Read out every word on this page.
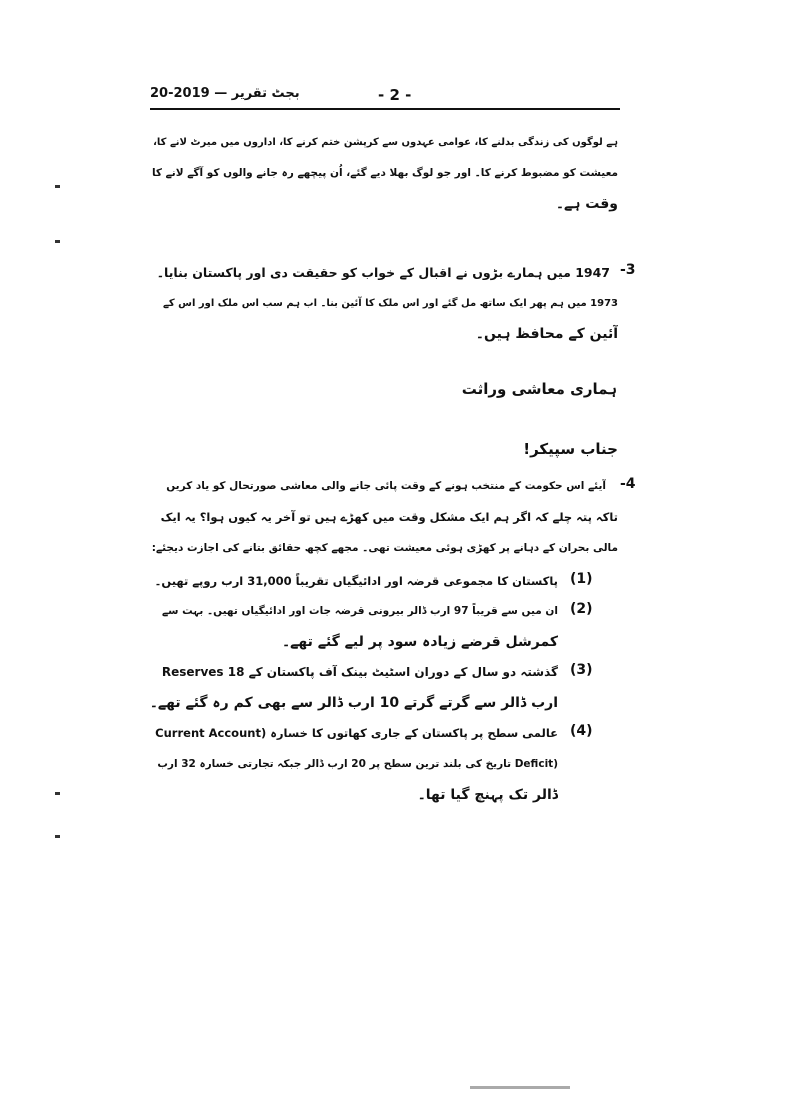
بجٹ تقریر — 2019-20	- 2 -
ہے لوگوں کی زندگی بدلنے کا، عوامی عہدوں سے کرپشن ختم کرنے کا، اداروں میں میرٹ لانے کا،
معیشت کو مضبوط کرنے کا۔ اور جو لوگ بھلا دیے گئے، اُن پیچھے رہ جانے والوں کو آگے لانے کا
وقت ہے۔
-3
1947 میں ہمارے بڑوں نے اقبال کے خواب کو حقیقت دی اور پاکستان بنایا۔
1973 میں ہم پھر ایک ساتھ مل گئے اور اس ملک کا آئین بنا۔ اب ہم سب اس ملک اور اس کے
آئین کے محافظ ہیں۔
ہماری معاشی وراثت
جناب سپیکر!
-4
آیئے اس حکومت کے منتخب ہونے کے وقت پائی جانے والی معاشی صورتحال کو یاد کریں
تاکہ پتہ چلے کہ اگر ہم ایک مشکل وقت میں کھڑے ہیں تو آخر یہ کیوں ہوا؟ یہ ایک
مالی بحران کے دہانے پر کھڑی ہوئی معیشت تھی۔ مجھے کچھ حقائق بتانے کی اجازت دیجئے:
(1)
پاکستان کا مجموعی قرضہ اور ادائیگیاں تقریباً 31,000 ارب روپے تھیں۔
(2)
ان میں سے قریباً 97 ارب ڈالر بیرونی قرضہ جات اور ادائیگیاں تھیں۔ بہت سے
کمرشل قرضے زیادہ سود پر لیے گئے تھے۔
(3)
گذشتہ دو سال کے دوران اسٹیٹ بینک آف پاکستان کے Reserves 18
ارب ڈالر سے گرتے گرتے 10 ارب ڈالر سے بھی کم رہ گئے تھے۔
(4)
عالمی سطح پر پاکستان کے جاری کھاتوں کا خسارہ (Current Account
(Deficit تاریخ کی بلند ترین سطح پر 20 ارب ڈالر جبکہ تجارتی خسارہ 32 ارب
ڈالر تک پہنچ گیا تھا۔
